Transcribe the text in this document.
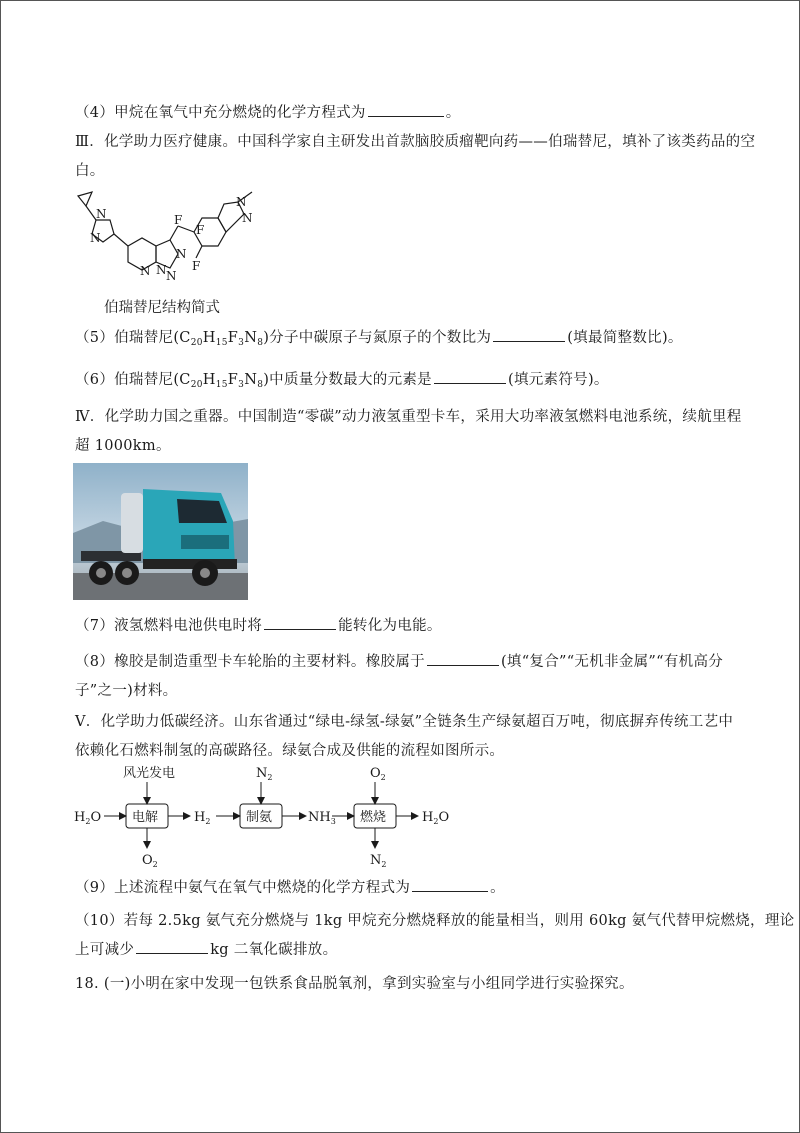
（4）甲烷在氧气中充分燃烧的化学方程式为	。
Ⅲ．化学助力医疗健康。中国科学家自主研发出首款脑胶质瘤靶向药——伯瑞替尼，填补了该类药品的空
白。
N
N
N N
N
N
F
F
F
N
N
伯瑞替尼结构简式
（5）伯瑞替尼$(C_{20}H_{15}F_3N_8)$分子中碳原子与氮原子的个数比为	(填最简整数比)。
（6）伯瑞替尼$(C_{20}H_{15}F_3N_8)$中质量分数最大的元素是	(填元素符号)。
Ⅳ．化学助力国之重器。中国制造“零碳”动力液氢重型卡车，采用大功率液氢燃料电池系统，续航里程
超 1000km。
（7）液氢燃料电池供电时将	能转化为电能。
（8）橡胶是制造重型卡车轮胎的主要材料。橡胶属于	(填“复合”“无机非金属”“有机高分
子”之一)材料。
Ⅴ．化学助力低碳经济。山东省通过“绿电-绿氢-绿氨”全链条生产绿氨超百万吨，彻底摒弃传统工艺中
依赖化石燃料制氢的高碳路径。绿氨合成及供能的流程如图所示。
风光发电
电解	制氨	燃烧
$H_2O$	$H_2$	$NH_3$	$H_2O$
$O_2$
$N_2$	$O_2$
$N_2$
（9）上述流程中氨气在氧气中燃烧的化学方程式为	。
（10）若每 2.5kg 氨气充分燃烧与 1kg 甲烷充分燃烧释放的能量相当，则用 60kg 氨气代替甲烷燃烧，理论
上可减少	kg 二氧化碳排放。
18. (一)小明在家中发现一包铁系食品脱氧剂，拿到实验室与小组同学进行实验探究。
